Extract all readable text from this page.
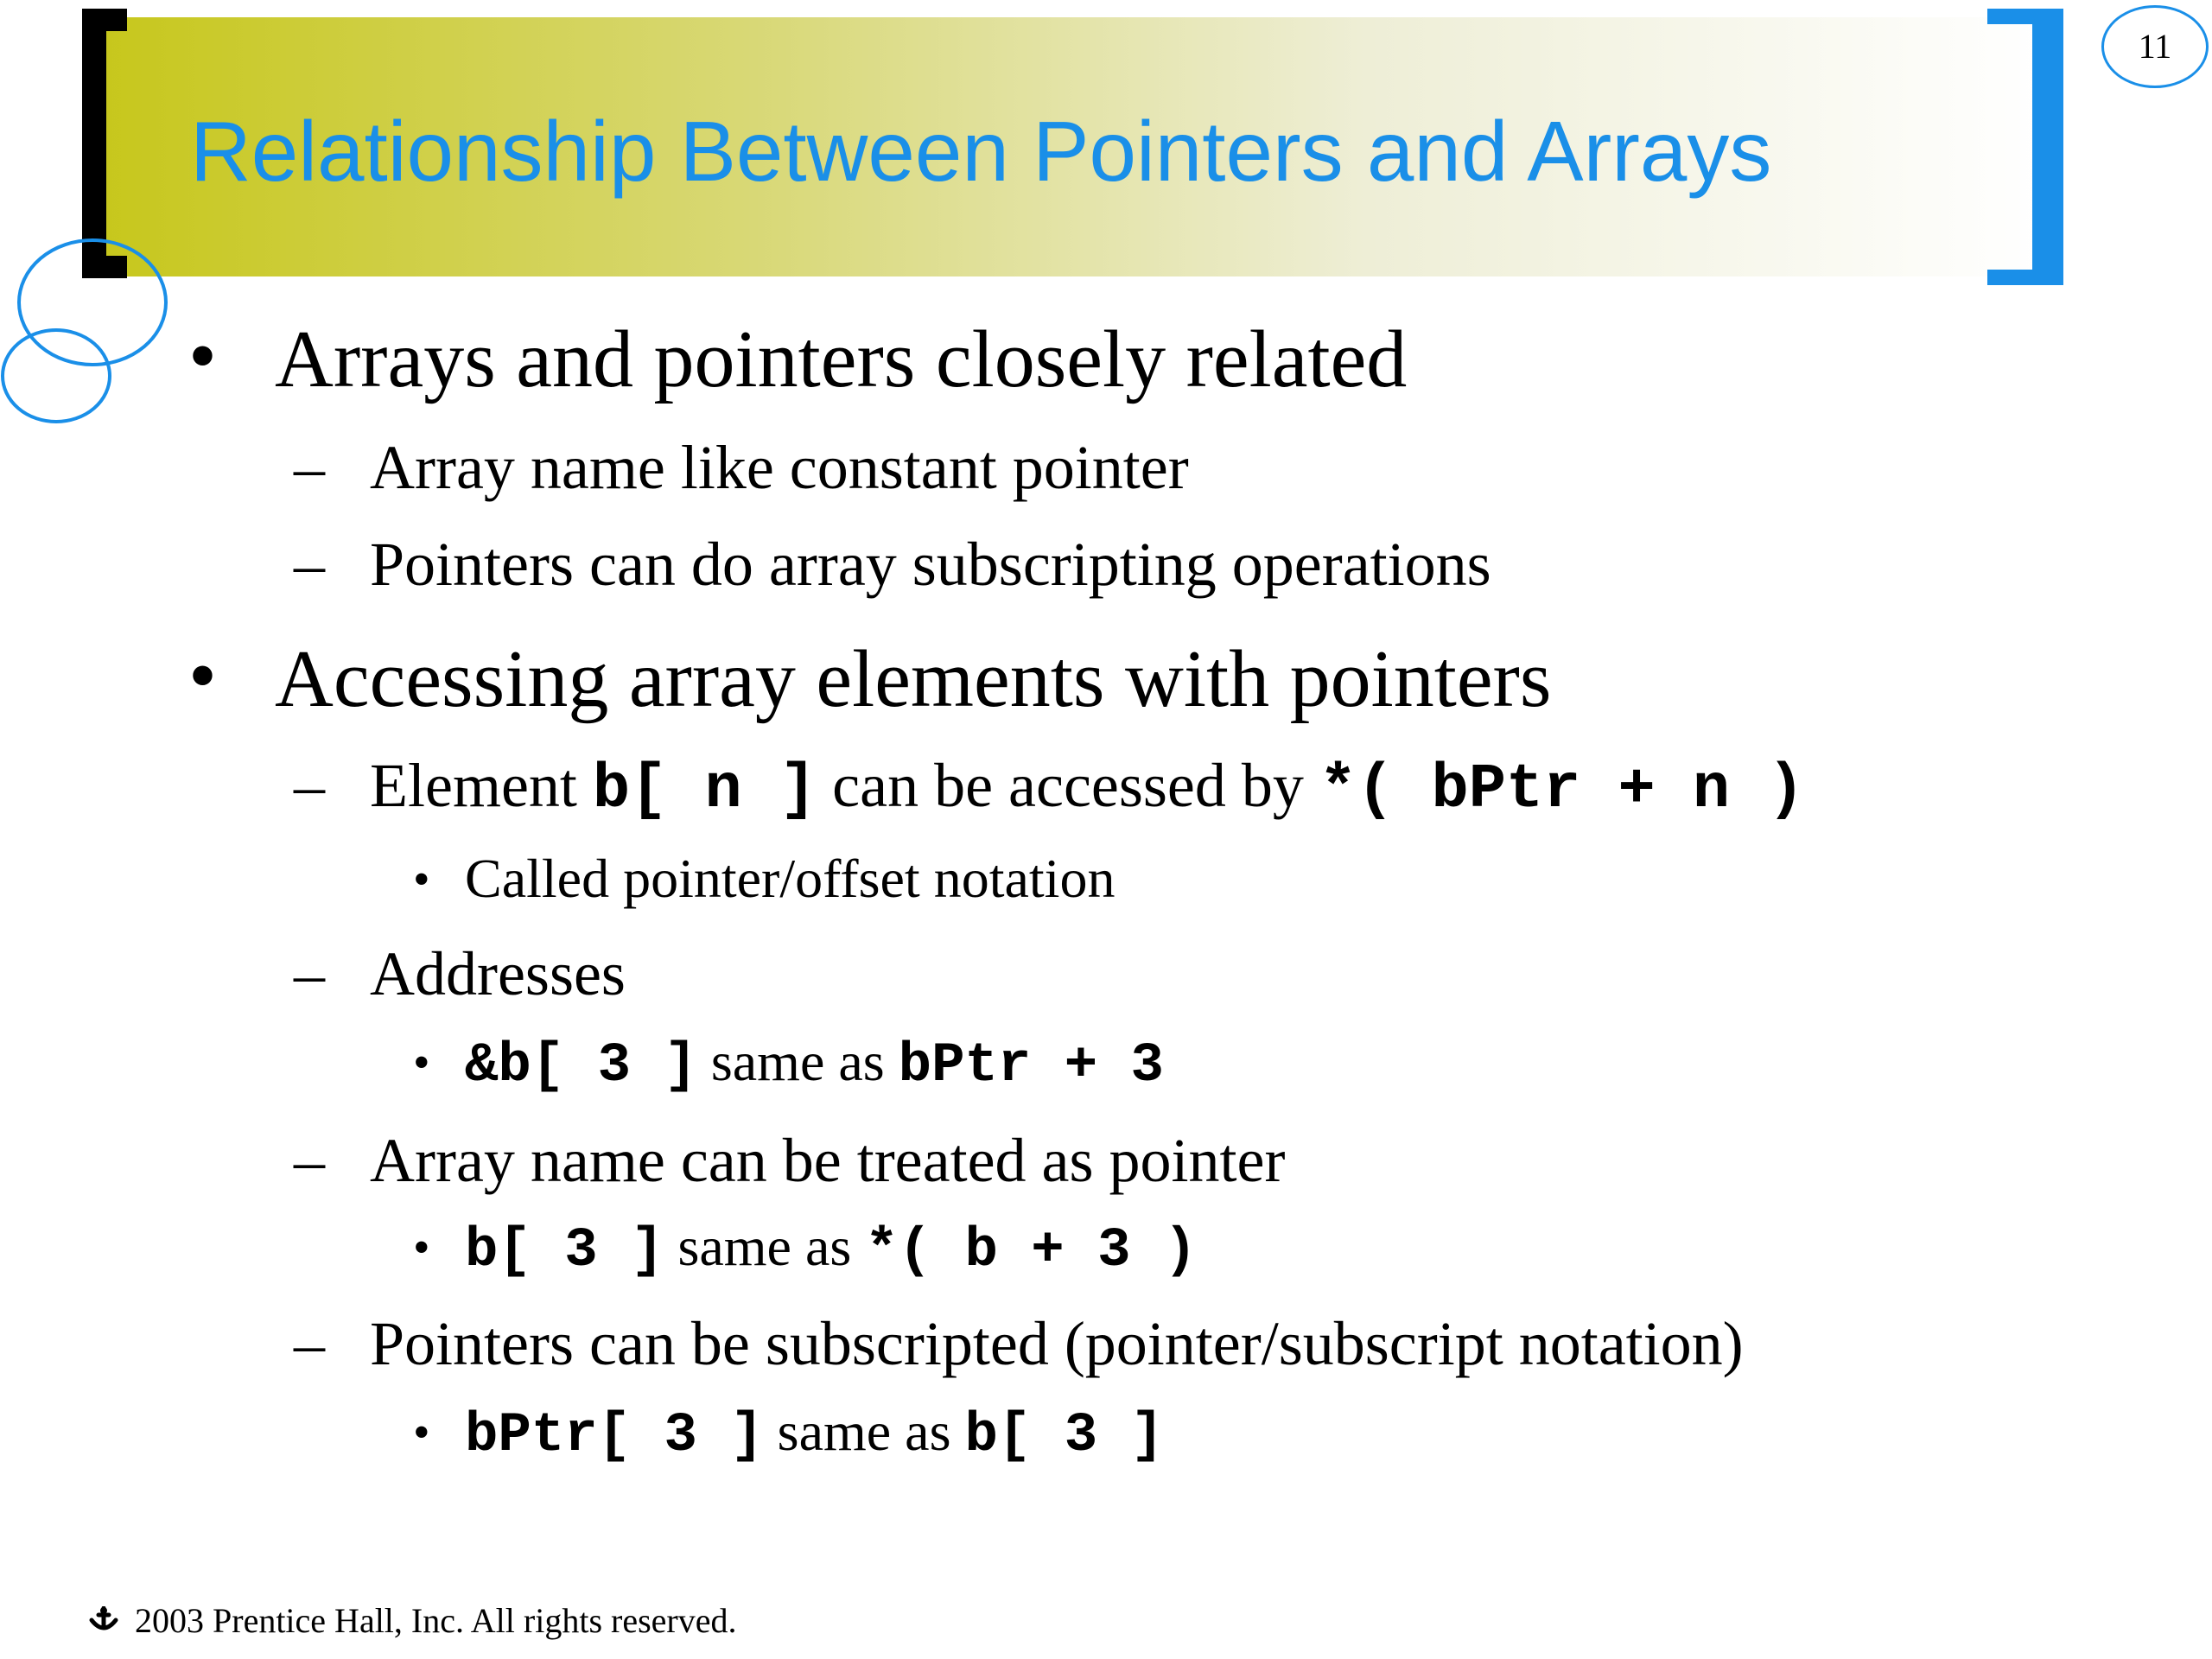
Relationship Between Pointers and Arrays
11
• Arrays and pointers closely related
– Array name like constant pointer
– Pointers can do array subscripting operations
• Accessing array elements with pointers
– Element b[ n ] can be accessed by *( bPtr + n )
• Called pointer/offset notation
– Addresses
• &b[ 3 ] same as bPtr + 3
– Array name can be treated as pointer
• b[ 3 ] same as *( b + 3 )
– Pointers can be subscripted (pointer/subscript notation)
• bPtr[ 3 ] same as b[ 3 ]
2003 Prentice Hall, Inc. All rights reserved.
